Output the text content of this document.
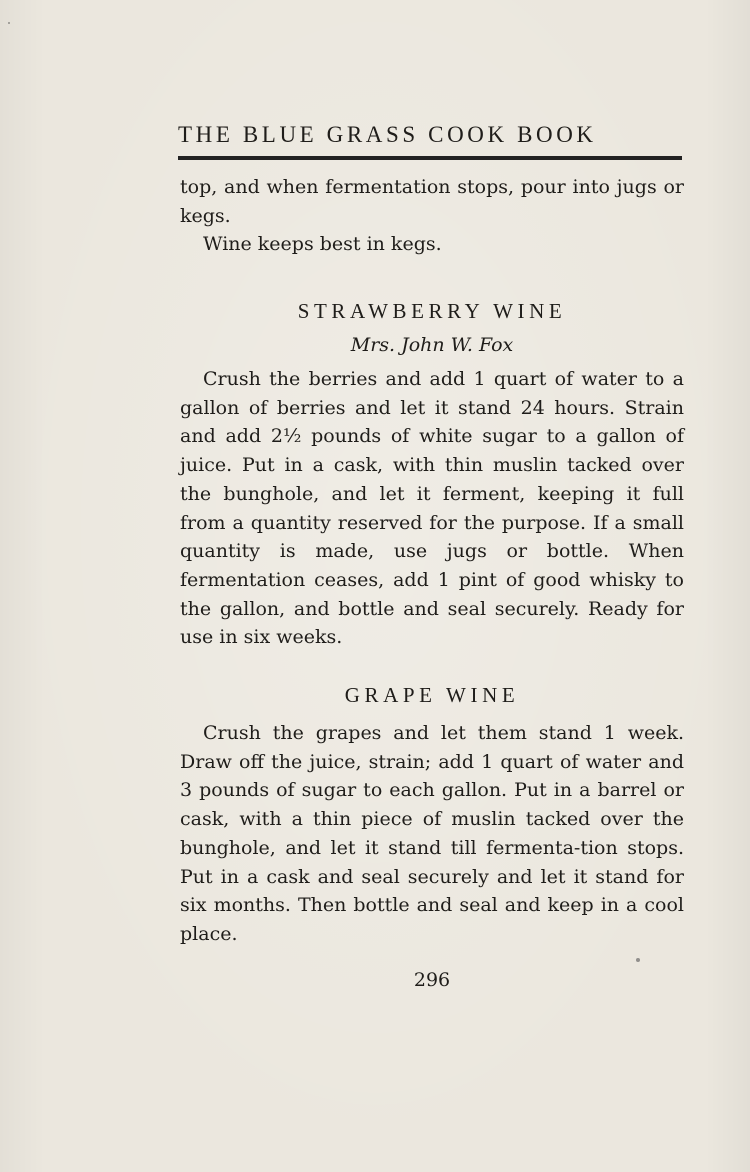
THE BLUE GRASS COOK BOOK

top, and when fermentation stops, pour into jugs or kegs.

Wine keeps best in kegs.

STRAWBERRY WINE
Mrs. John W. Fox

Crush the berries and add 1 quart of water to a gallon of berries and let it stand 24 hours. Strain and add 2½ pounds of white sugar to a gallon of juice. Put in a cask, with thin muslin tacked over the bunghole, and let it ferment, keeping it full from a quantity reserved for the purpose. If a small quantity is made, use jugs or bottle. When fermentation ceases, add 1 pint of good whisky to the gallon, and bottle and seal securely. Ready for use in six weeks.

GRAPE WINE

Crush the grapes and let them stand 1 week. Draw off the juice, strain; add 1 quart of water and 3 pounds of sugar to each gallon. Put in a barrel or cask, with a thin piece of muslin tacked over the bunghole, and let it stand till fermenta-tion stops. Put in a cask and seal securely and let it stand for six months. Then bottle and seal and keep in a cool place.

296
